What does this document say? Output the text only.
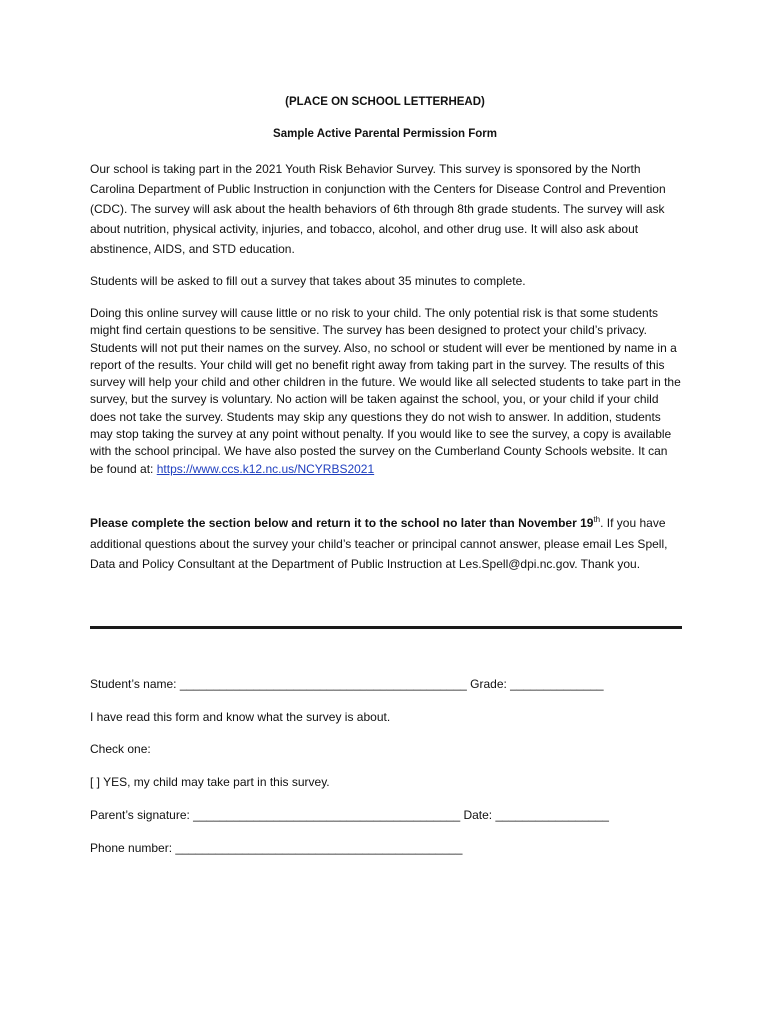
(PLACE ON SCHOOL LETTERHEAD)
Sample Active Parental Permission Form

Our school is taking part in the 2021 Youth Risk Behavior Survey. This survey is sponsored by the North Carolina Department of Public Instruction in conjunction with the Centers for Disease Control and Prevention (CDC). The survey will ask about the health behaviors of 6th through 8th grade students. The survey will ask about nutrition, physical activity, injuries, and tobacco, alcohol, and other drug use. It will also ask about abstinence, AIDS, and STD education.

Students will be asked to fill out a survey that takes about 35 minutes to complete.

Doing this online survey will cause little or no risk to your child. The only potential risk is that some students might find certain questions to be sensitive. The survey has been designed to protect your child’s privacy. Students will not put their names on the survey. Also, no school or student will ever be mentioned by name in a report of the results. Your child will get no benefit right away from taking part in the survey. The results of this survey will help your child and other children in the future. We would like all selected students to take part in the survey, but the survey is voluntary. No action will be taken against the school, you, or your child if your child does not take the survey. Students may skip any questions they do not wish to answer. In addition, students may stop taking the survey at any point without penalty. If you would like to see the survey, a copy is available with the school principal. We have also posted the survey on the Cumberland County Schools website. It can be found at: https://www.ccs.k12.nc.us/NCYRBS2021

Please complete the section below and return it to the school no later than November 19th. If you have additional questions about the survey your child’s teacher or principal cannot answer, please email Les Spell, Data and Policy Consultant at the Department of Public Instruction at Les.Spell@dpi.nc.gov. Thank you.

Student’s name: ___________________________________________ Grade: ______________
I have read this form and know what the survey is about.
Check one:
[ ] YES, my child may take part in this survey.
Parent’s signature: ________________________________________ Date: _________________
Phone number: ___________________________________________
